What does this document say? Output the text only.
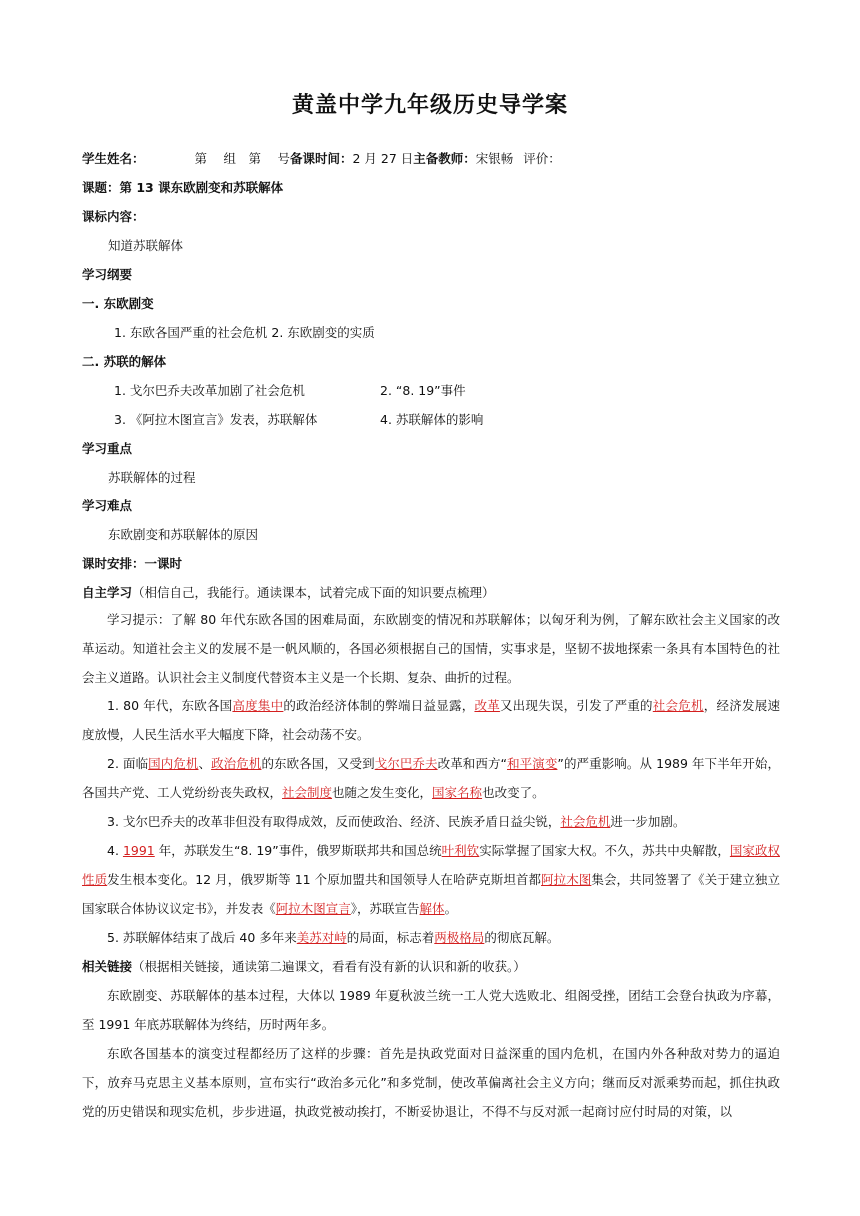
黄盖中学九年级历史导学案
学生姓名：	第　 组　第　 号备课时间：2 月 27 日主备教师：宋银畅 评价：
课题：第 13 课东欧剧变和苏联解体
课标内容：
知道苏联解体
学习纲要
一. 东欧剧变
1. 东欧各国严重的社会危机 2. 东欧剧变的实质
二. 苏联的解体
1. 戈尔巴乔夫改革加剧了社会危机	2. “8. 19”事件
3. 《阿拉木图宣言》发表，苏联解体	4. 苏联解体的影响
学习重点
苏联解体的过程
学习难点
东欧剧变和苏联解体的原因
课时安排：一课时
自主学习（相信自己，我能行。通读课本，试着完成下面的知识要点梳理）
学习提示：了解 80 年代东欧各国的困难局面，东欧剧变的情况和苏联解体；以匈牙利为例，了解东欧社会主义国家的改革运动。知道社会主义的发展不是一帆风顺的，各国必须根据自己的国情，实事求是，坚韧不拔地探索一条具有本国特色的社会主义道路。认识社会主义制度代替资本主义是一个长期、复杂、曲折的过程。
1. 80 年代，东欧各国高度集中的政治经济体制的弊端日益显露，改革又出现失误，引发了严重的社会危机，经济发展速度放慢，人民生活水平大幅度下降，社会动荡不安。
2. 面临国内危机、政治危机的东欧各国，又受到戈尔巴乔夫改革和西方“和平演变”的严重影响。从 1989 年下半年开始，各国共产党、工人党纷纷丧失政权，社会制度也随之发生变化，国家名称也改变了。
3. 戈尔巴乔夫的改革非但没有取得成效，反而使政治、经济、民族矛盾日益尖锐，社会危机进一步加剧。
4. 1991 年，苏联发生“8. 19”事件，俄罗斯联邦共和国总统叶利钦实际掌握了国家大权。不久，苏共中央解散，国家政权性质发生根本变化。12 月，俄罗斯等 11 个原加盟共和国领导人在哈萨克斯坦首都阿拉木图集会，共同签署了《关于建立独立国家联合体协议议定书》，并发表《阿拉木图宣言》，苏联宣告解体。
5. 苏联解体结束了战后 40 多年来美苏对峙的局面，标志着两极格局的彻底瓦解。
相关链接（根据相关链接，通读第二遍课文，看看有没有新的认识和新的收获。）
东欧剧变、苏联解体的基本过程，大体以 1989 年夏秋波兰统一工人党大选败北、组阁受挫，团结工会登台执政为序幕，至 1991 年底苏联解体为终结，历时两年多。
东欧各国基本的演变过程都经历了这样的步骤：首先是执政党面对日益深重的国内危机，在国内外各种敌对势力的逼迫下，放弃马克思主义基本原则，宣布实行“政治多元化”和多党制，使改革偏离社会主义方向；继而反对派乘势而起，抓住执政党的历史错误和现实危机，步步进逼，执政党被动挨打，不断妥协退让，不得不与反对派一起商讨应付时局的对策，以
